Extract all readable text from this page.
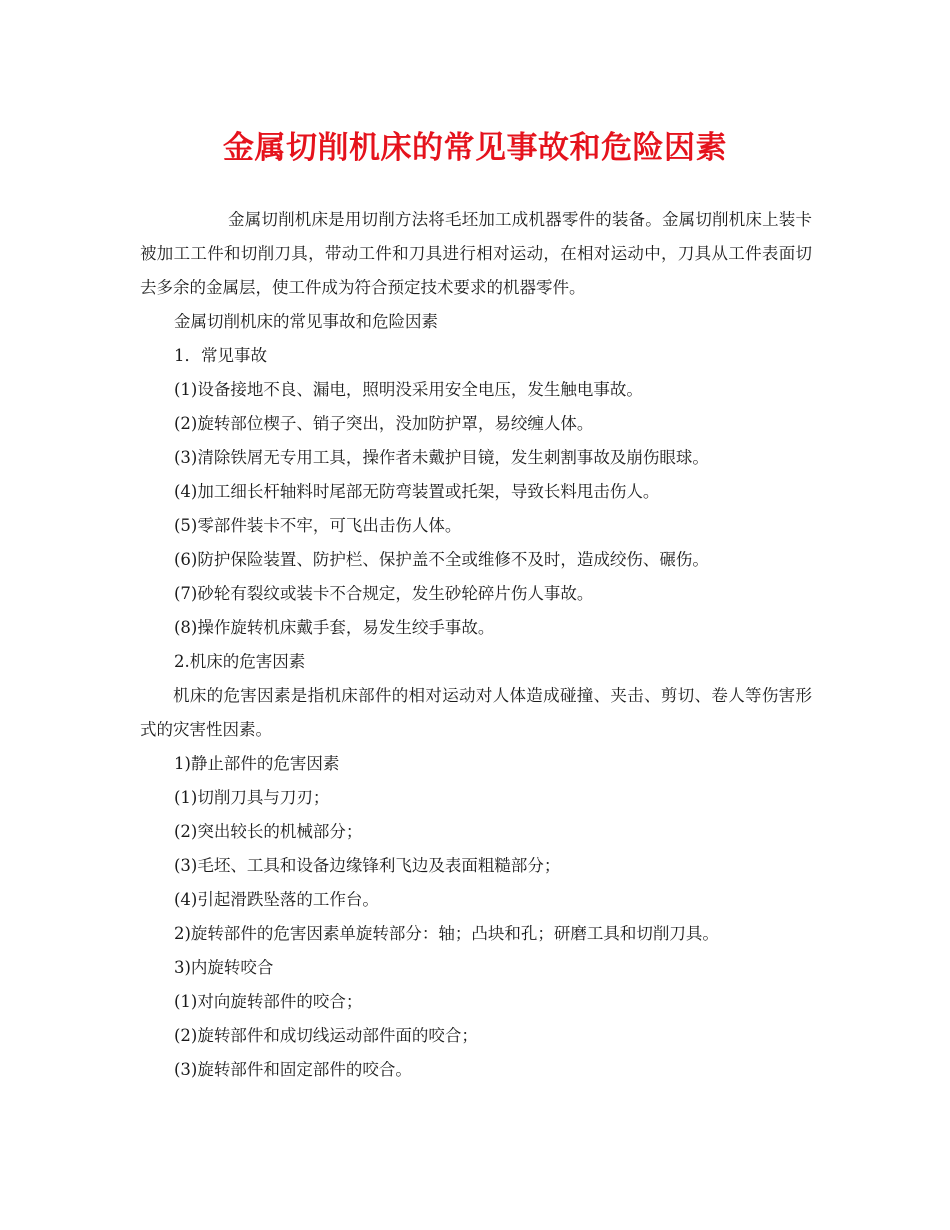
金属切削机床的常见事故和危险因素

金属切削机床是用切削方法将毛坯加工成机器零件的装备。金属切削机床上装卡被加工工件和切削刀具，带动工件和刀具进行相对运动，在相对运动中，刀具从工件表面切去多余的金属层，使工件成为符合预定技术要求的机器零件。

金属切削机床的常见事故和危险因素

1．常见事故

(1)设备接地不良、漏电，照明没采用安全电压，发生触电事故。

(2)旋转部位楔子、销子突出，没加防护罩，易绞缠人体。

(3)清除铁屑无专用工具，操作者未戴护目镜，发生刺割事故及崩伤眼球。

(4)加工细长杆轴料时尾部无防弯装置或托架，导致长料甩击伤人。

(5)零部件装卡不牢，可飞出击伤人体。

(6)防护保险装置、防护栏、保护盖不全或维修不及时，造成绞伤、碾伤。

(7)砂轮有裂纹或装卡不合规定，发生砂轮碎片伤人事故。

(8)操作旋转机床戴手套，易发生绞手事故。

2.机床的危害因素

机床的危害因素是指机床部件的相对运动对人体造成碰撞、夹击、剪切、卷人等伤害形式的灾害性因素。

1)静止部件的危害因素

(1)切削刀具与刀刃；

(2)突出较长的机械部分；

(3)毛坯、工具和设备边缘锋利飞边及表面粗糙部分；

(4)引起滑跌坠落的工作台。

2)旋转部件的危害因素单旋转部分：轴；凸块和孔；研磨工具和切削刀具。

3)内旋转咬合

(1)对向旋转部件的咬合；

(2)旋转部件和成切线运动部件面的咬合；

(3)旋转部件和固定部件的咬合。
